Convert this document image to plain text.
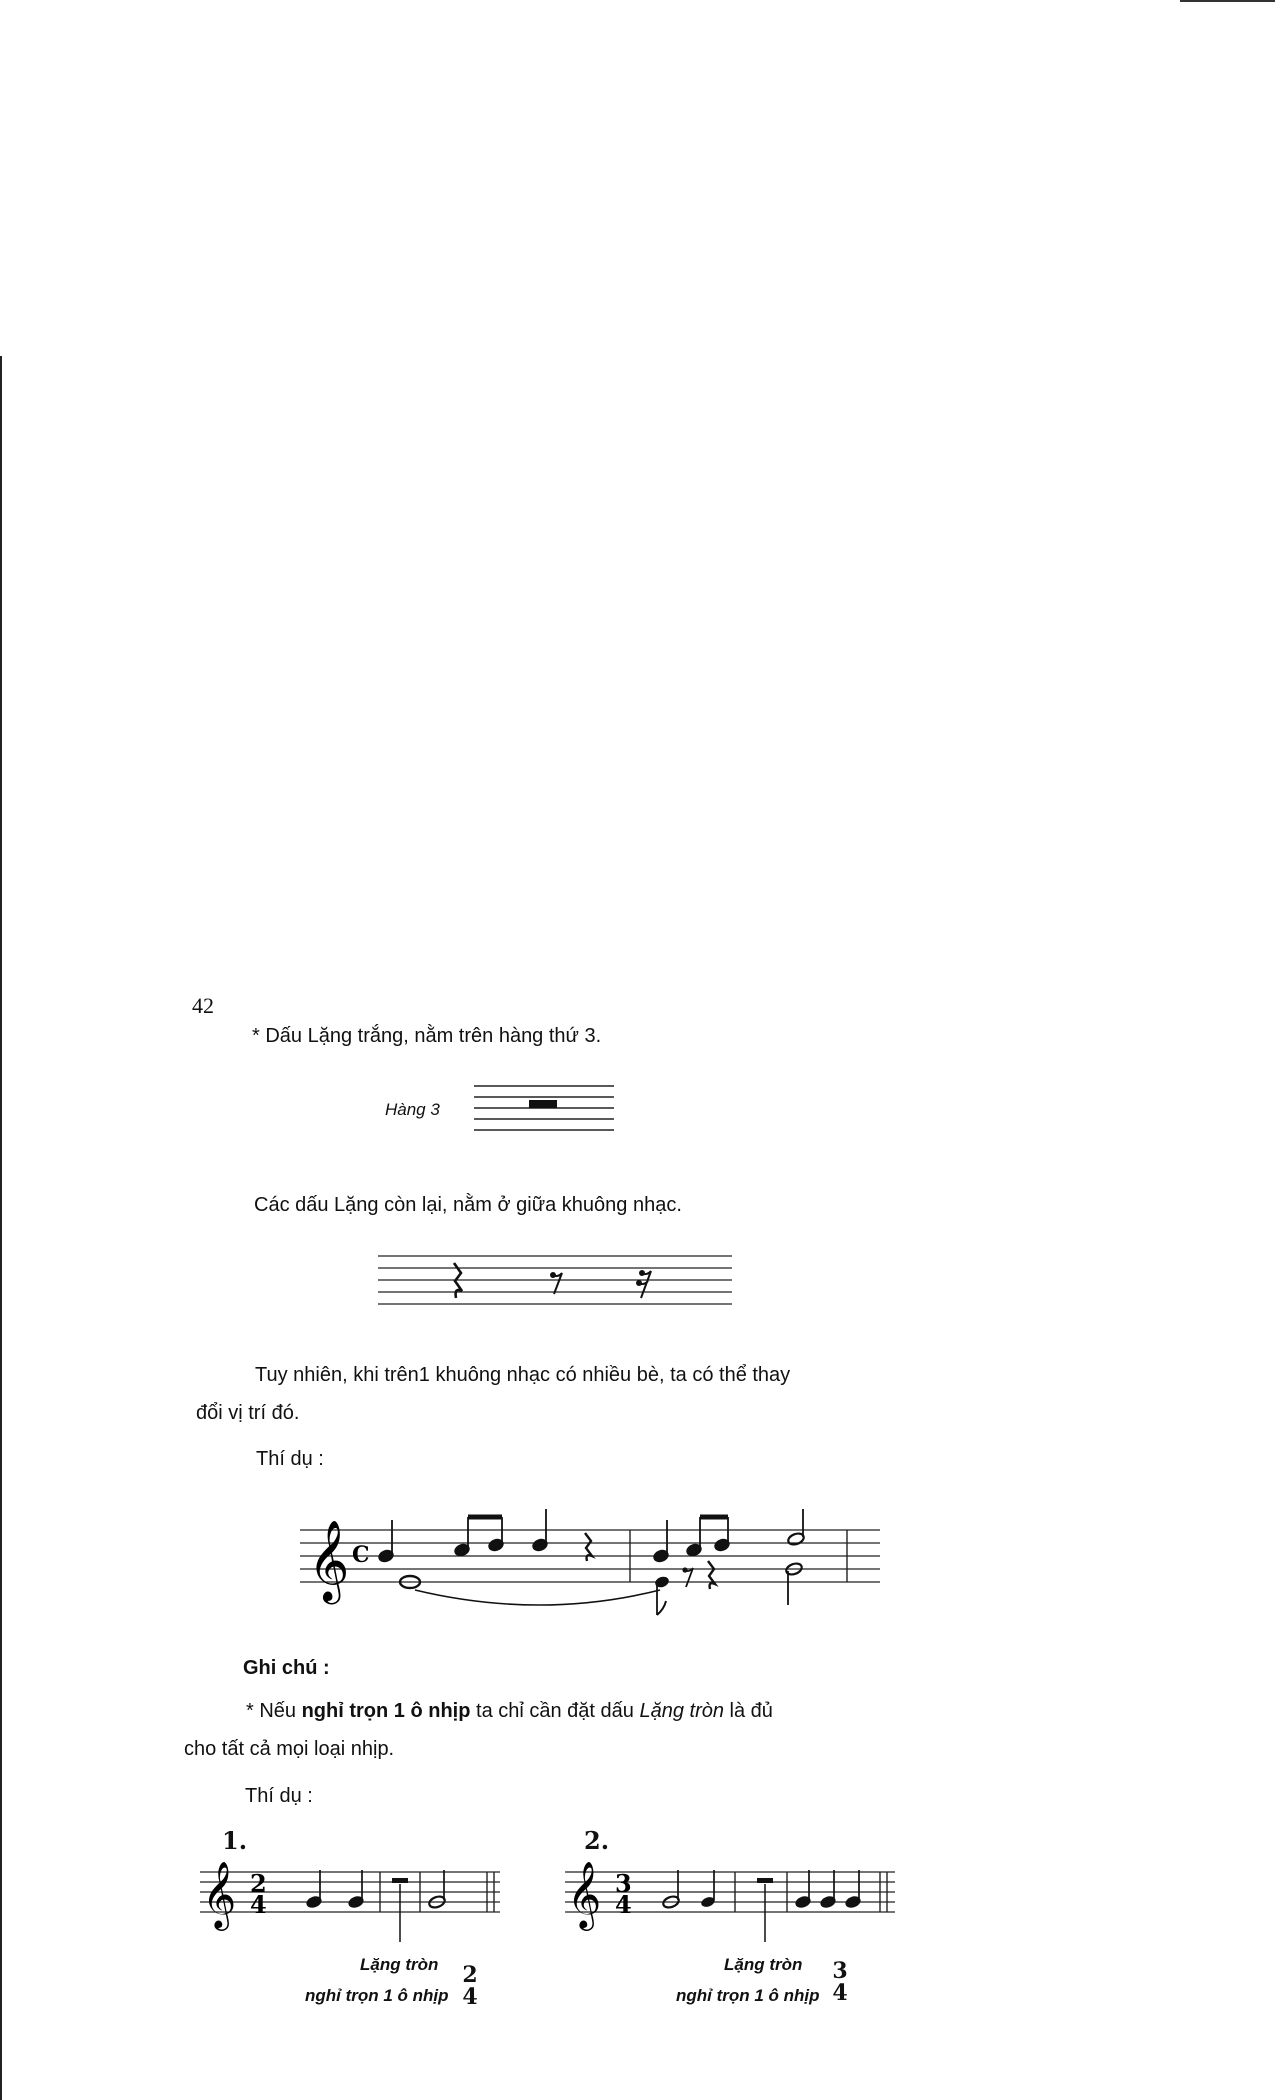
42
* Dấu Lặng trắng, nằm trên hàng thứ 3.
Hàng 3
Các dấu Lặng còn lại, nằm ở giữa khuông nhạc.
Tuy nhiên, khi trên1 khuông nhạc có nhiều bè, ta có thể thay
đổi vị trí đó.
Thí dụ :
𝄞 C
Ghi chú :
* Nếu nghỉ trọn 1 ô nhịp ta chỉ cần đặt dấu Lặng tròn là đủ
cho tất cả mọi loại nhịp.
Thí dụ :
1.
𝄞 2
4
Lặng tròn
nghỉ trọn 1 ô nhịp
2
4
2.
𝄞 3
4
Lặng tròn
nghỉ trọn 1 ô nhịp
3
4
